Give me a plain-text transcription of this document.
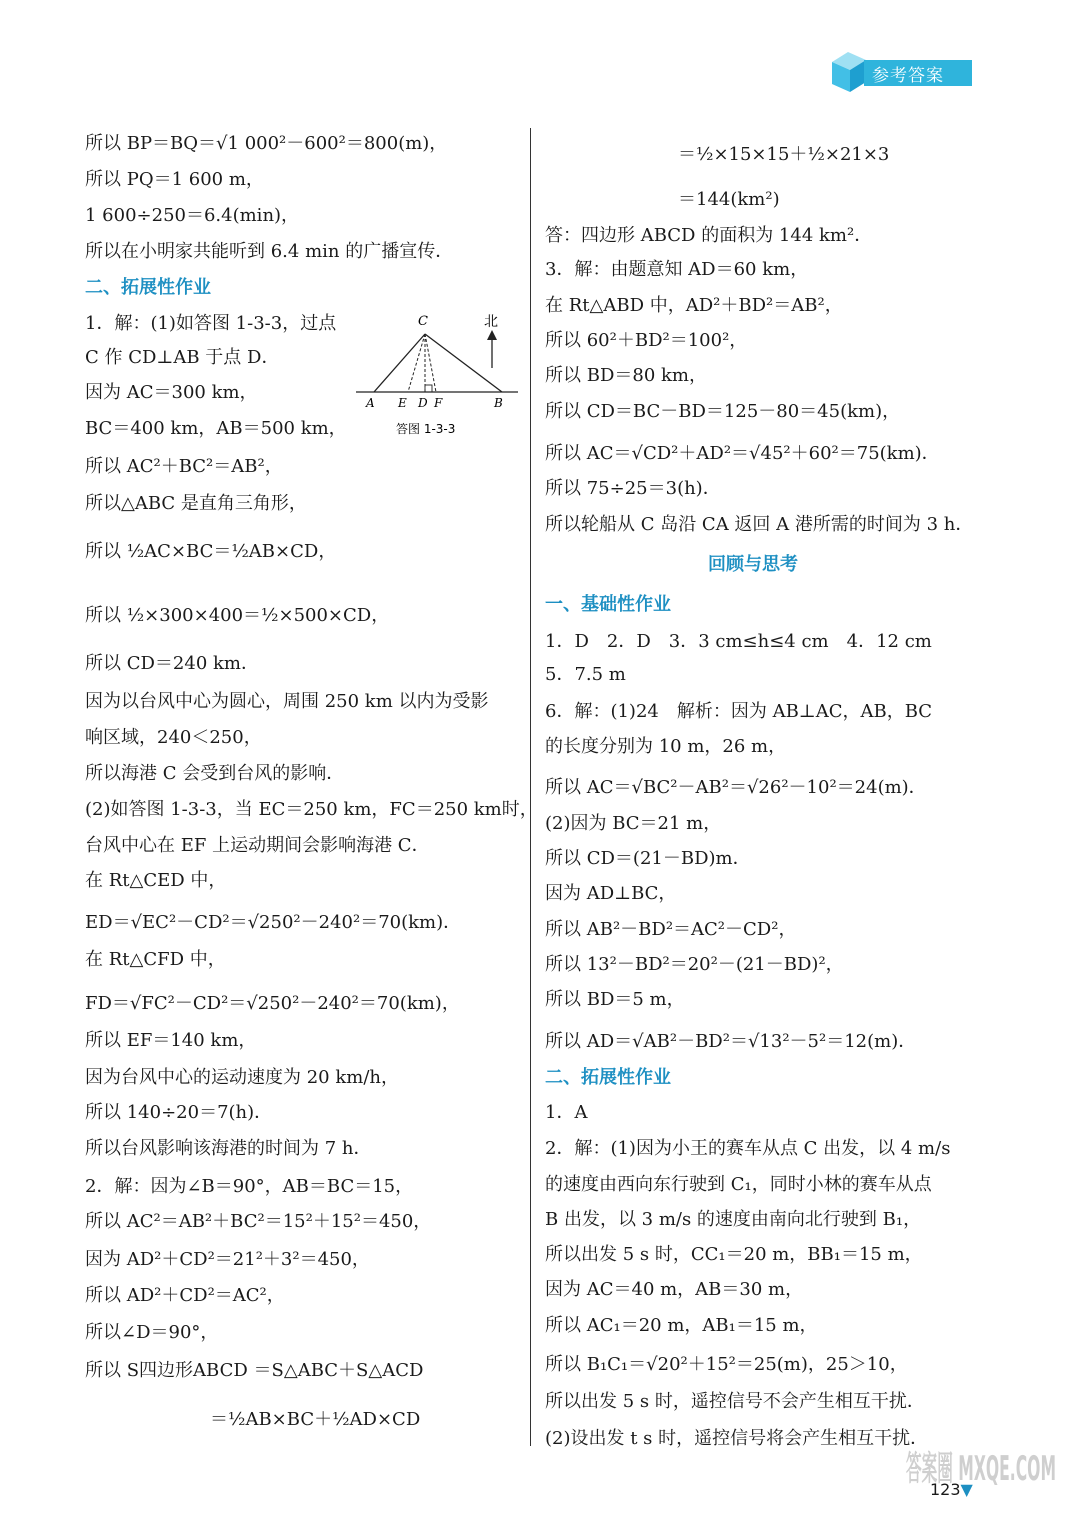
参考答案
所以 BP＝BQ＝√1 000²－600²＝800(m)，
所以 PQ＝1 600 m，
1 600÷250＝6.4(min)，
所以在小明家共能听到 6.4 min 的广播宣传．
二、拓展性作业
1．解：(1)如答图 1-3-3，过点
C 作 CD⊥AB 于点 D．
因为 AC＝300 km，
BC＝400 km，AB＝500 km，
所以 AC²＋BC²＝AB²，
所以△ABC 是直角三角形，
所以 ½AC×BC＝½AB×CD，
所以 ½×300×400＝½×500×CD，
所以 CD＝240 km．
因为以台风中心为圆心，周围 250 km 以内为受影
响区域，240＜250，
所以海港 C 会受到台风的影响．
(2)如答图 1-3-3，当 EC＝250 km，FC＝250 km时，
台风中心在 EF 上运动期间会影响海港 C．
在 Rt△CED 中，
ED＝√EC²－CD²＝√250²－240²＝70(km)．
在 Rt△CFD 中，
FD＝√FC²－CD²＝√250²－240²＝70(km)，
所以 EF＝140 km，
因为台风中心的运动速度为 20 km/h，
所以 140÷20＝7(h)．
所以台风影响该海港的时间为 7 h．
2．解：因为∠B＝90°，AB＝BC＝15，
所以 AC²＝AB²＋BC²＝15²＋15²＝450，
因为 AD²＋CD²＝21²＋3²＝450，
所以 AD²＋CD²＝AC²，
所以∠D＝90°，
所以 S四边形ABCD ＝S△ABC＋S△ACD
＝½AB×BC＋½AD×CD
＝½×15×15＋½×21×3
＝144(km²)
答：四边形 ABCD 的面积为 144 km²．
3．解：由题意知 AD＝60 km，
在 Rt△ABD 中，AD²＋BD²＝AB²，
所以 60²＋BD²＝100²，
所以 BD＝80 km，
所以 CD＝BC－BD＝125－80＝45(km)，
所以 AC＝√CD²＋AD²＝√45²＋60²＝75(km)．
所以 75÷25＝3(h)．
所以轮船从 C 岛沿 CA 返回 A 港所需的时间为 3 h．
回顾与思考
一、基础性作业
1．D　2．D　3．3 cm≤h≤4 cm　4．12 cm
5．7.5 m
6．解：(1)24　解析：因为 AB⊥AC，AB，BC
的长度分别为 10 m，26 m，
所以 AC＝√BC²－AB²＝√26²－10²＝24(m)．
(2)因为 BC＝21 m，
所以 CD＝(21－BD)m．
因为 AD⊥BC，
所以 AB²－BD²＝AC²－CD²，
所以 13²－BD²＝20²－(21－BD)²，
所以 BD＝5 m，
所以 AD＝√AB²－BD²＝√13²－5²＝12(m)．
二、拓展性作业
1．A
2．解：(1)因为小王的赛车从点 C 出发，以 4 m/s
的速度由西向东行驶到 C₁，同时小林的赛车从点
B 出发，以 3 m/s 的速度由南向北行驶到 B₁，
所以出发 5 s 时，CC₁＝20 m，BB₁＝15 m，
因为 AC＝40 m，AB＝30 m，
所以 AC₁＝20 m，AB₁＝15 m，
所以 B₁C₁＝√20²＋15²＝25(m)，25＞10，
所以出发 5 s 时，遥控信号不会产生相互干扰．
(2)设出发 t s 时，遥控信号将会产生相互干扰．
C	北
A E D F	B
答图 1-3-3
123▼
答案圈 MXQE.COM
